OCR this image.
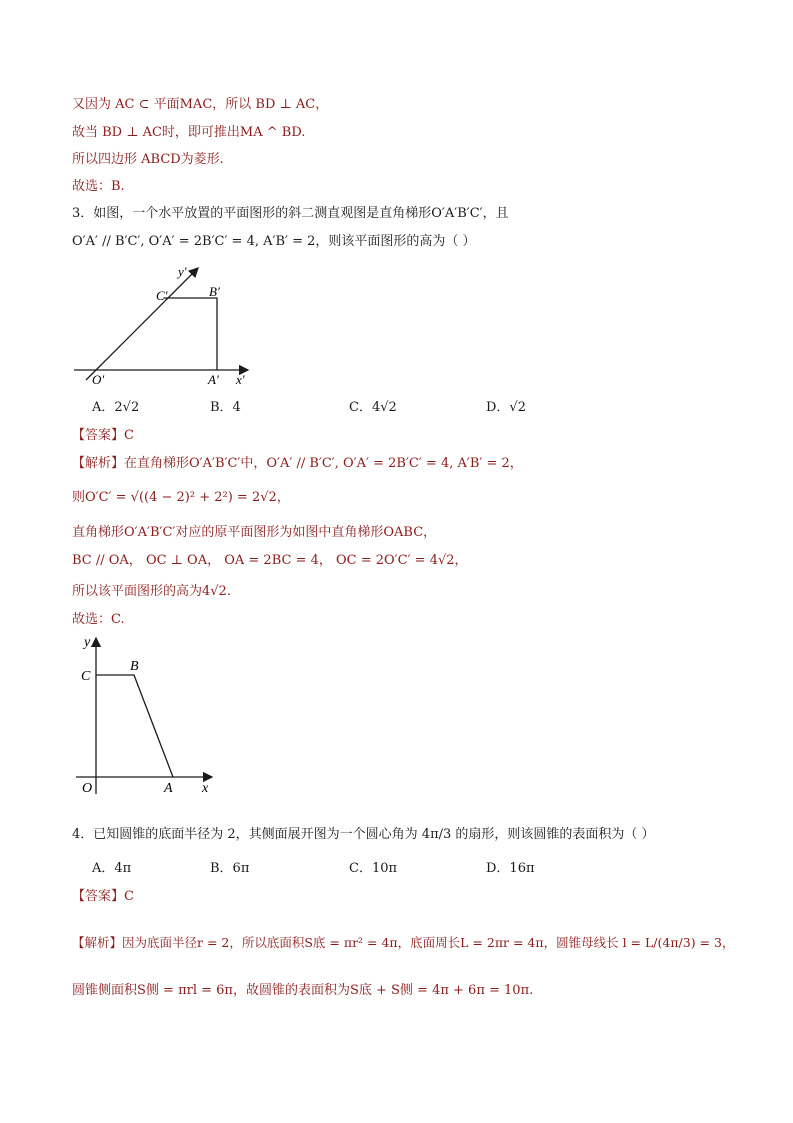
又因为 AC ⊂ 平面MAC，所以 BD ⊥ AC，
故当 BD ⊥ AC时，即可推出MA ^ BD.
所以四边形 ABCD为菱形.
故选：B.
3．如图，一个水平放置的平面图形的斜二测直观图是直角梯形O′A′B′C′，且
O′A′ // B′C′, O′A′ = 2B′C′ = 4, A′B′ = 2，则该平面图形的高为（ ）
y′
C′	B′
O′	A′ x′
A．2√2	B．4	C．4√2	D．√2
【答案】C
【解析】在直角梯形O′A′B′C′中，O′A′ // B′C′, O′A′ = 2B′C′ = 4, A′B′ = 2，
则O′C′ = √((4 − 2)² + 2²) = 2√2，
直角梯形O′A′B′C′对应的原平面图形为如图中直角梯形OABC，
BC // OA， OC ⊥ OA， OA = 2BC = 4， OC = 2O′C′ = 4√2，
所以该平面图形的高为4√2.
故选：C.
y
C
B
O	A x
4．已知圆锥的底面半径为 2，其侧面展开图为一个圆心角为 4π/3 的扇形，则该圆锥的表面积为（ ）
A．4π	B．6π	C．10π	D．16π
【答案】C
【解析】因为底面半径r = 2，所以底面积S底 = πr² = 4π，底面周长L = 2πr = 4π，圆锥母线长 l = L/(4π/3) = 3，
圆锥侧面积S侧 = πrl = 6π，故圆锥的表面积为S底 + S侧 = 4π + 6π = 10π.
